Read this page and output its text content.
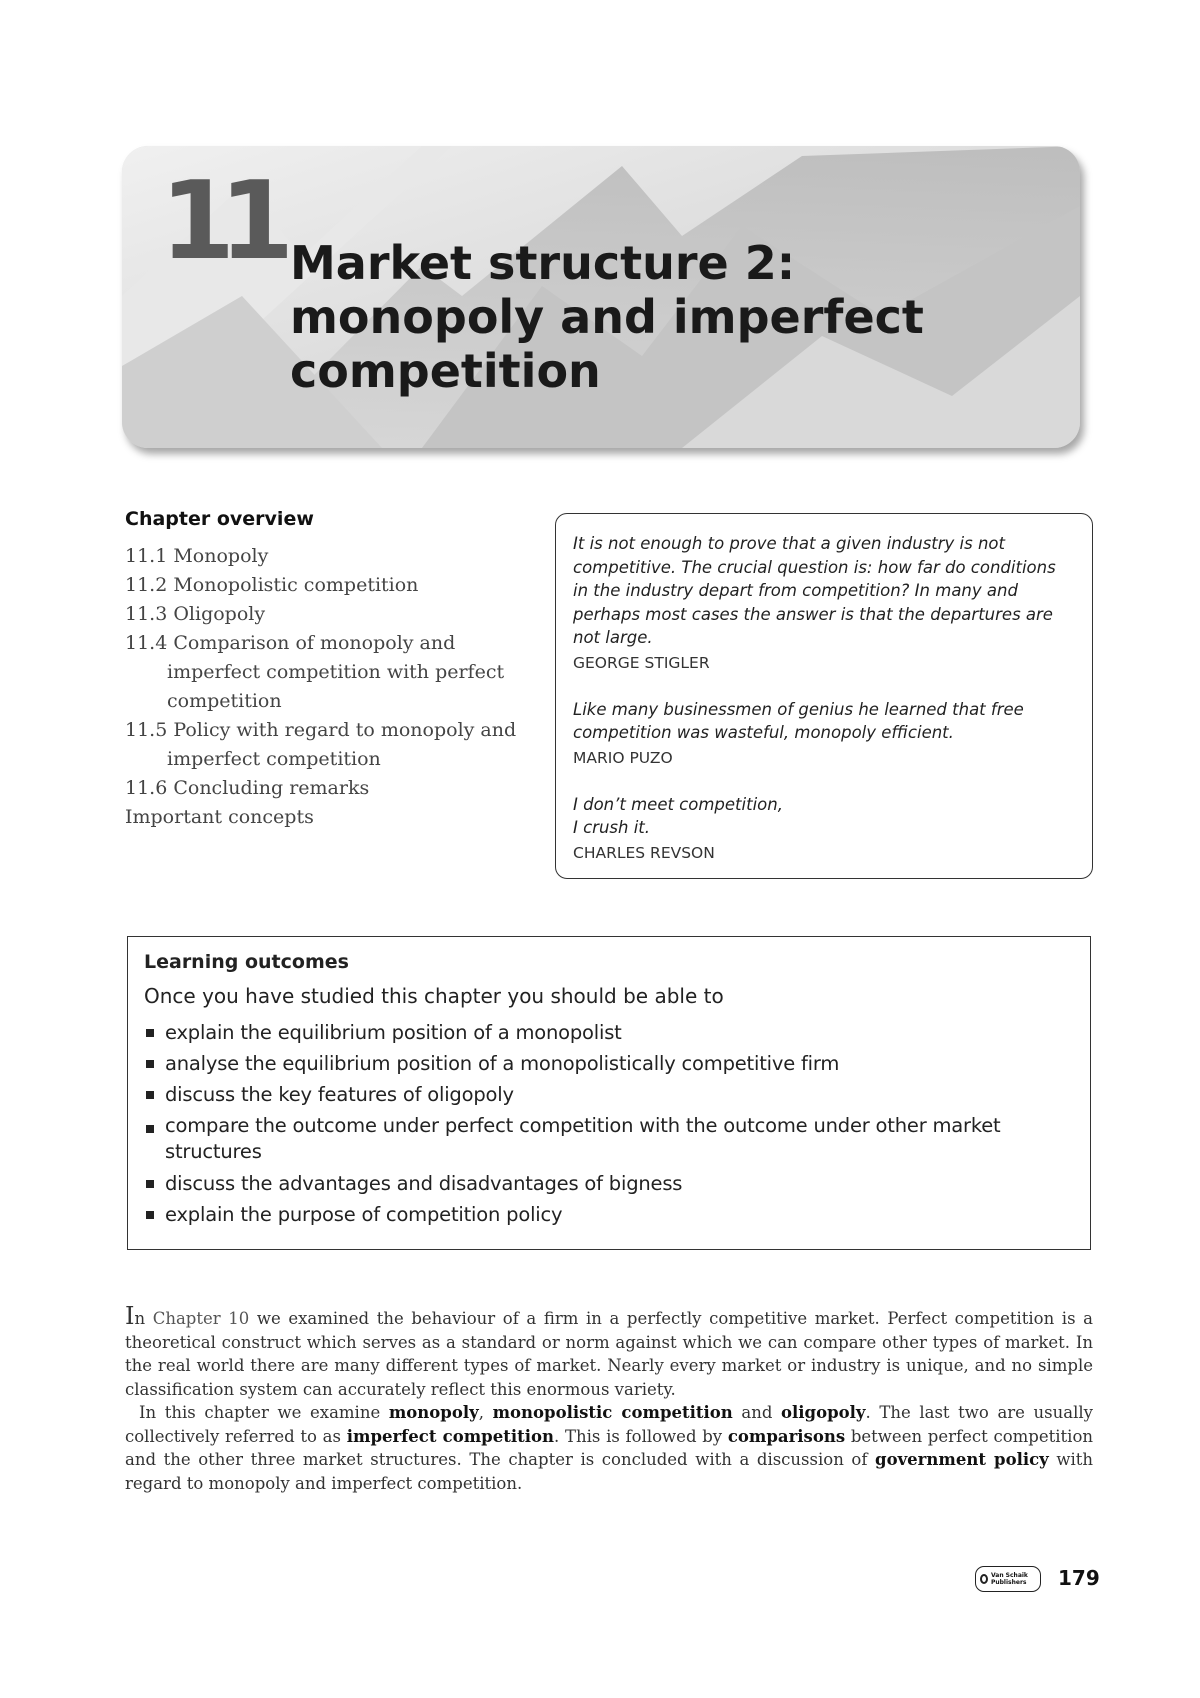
11 Market structure 2:
monopoly and imperfect
competition
Chapter overview
11.1 Monopoly
11.2 Monopolistic competition
11.3 Oligopoly
11.4 Comparison of monopoly and imperfect competition with perfect competition
11.5 Policy with regard to monopoly and imperfect competition
11.6 Concluding remarks
Important concepts

It is not enough to prove that a given industry is not competitive. The crucial question is: how far do conditions in the industry depart from competition? In many and perhaps most cases the answer is that the departures are not large.

GEORGE STIGLER

Like many businessmen of genius he learned that free competition was wasteful, monopoly efficient.

MARIO PUZO

I don’t meet competition,
I crush it.

CHARLES REVSON
Learning outcomes

Once you have studied this chapter you should be able to

explain the equilibrium position of a monopolist
analyse the equilibrium position of a monopolistically competitive firm
discuss the key features of oligopoly
compare the outcome under perfect competition with the outcome under other market structures
discuss the advantages and disadvantages of bigness
explain the purpose of competition policy

In Chapter 10 we examined the behaviour of a firm in a perfectly competitive market. Perfect competition is a theoretical construct which serves as a standard or norm against which we can compare other types of market. In the real world there are many different types of market. Nearly every market or industry is unique, and no simple classification system can accurately reflect this enormous variety.

In this chapter we examine monopoly, monopolistic competition and oligopoly. The last two are usually collectively referred to as imperfect competition. This is followed by comparisons between perfect competition and the other three market structures. The chapter is concluded with a discussion of government policy with regard to monopoly and imperfect competition.

Van Schaik Publishers	179
